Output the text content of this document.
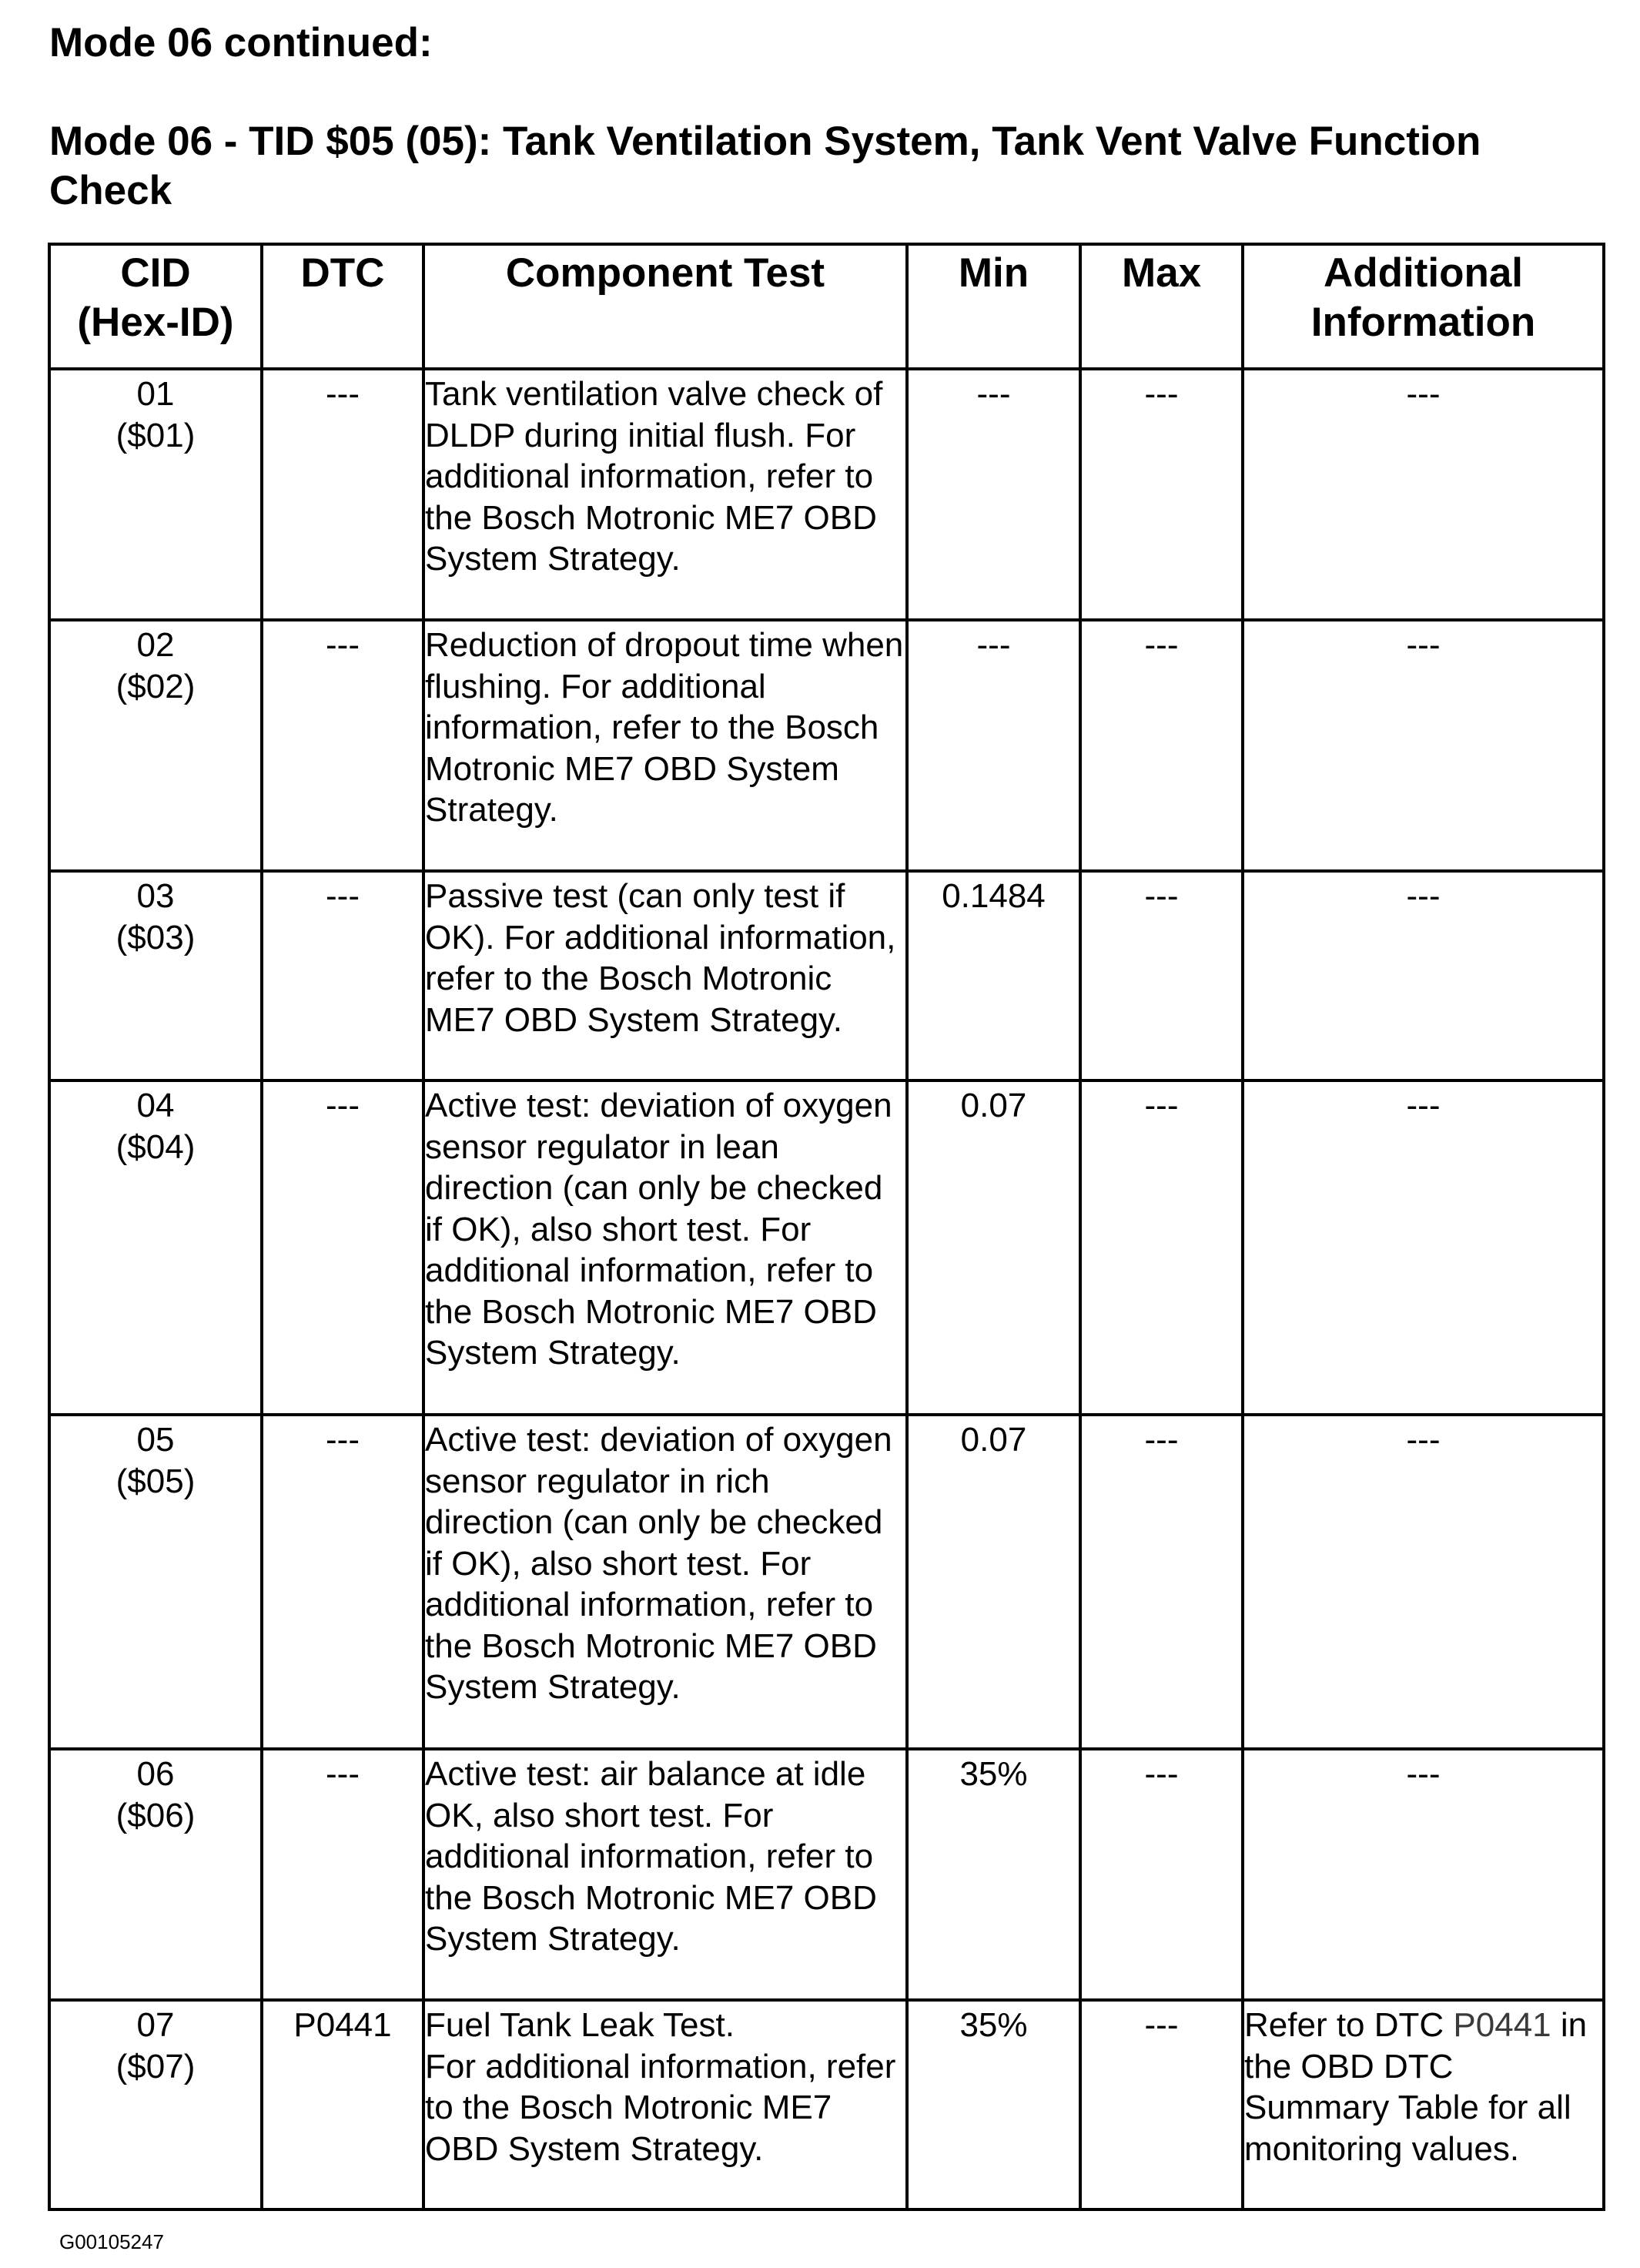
Mode 06 continued:
Mode 06 - TID $05 (05): Tank Ventilation System, Tank Vent Valve Function Check
CID
(Hex-ID)	DTC	Component Test	Min	Max	Additional
Information
01
($01)	---	Tank ventilation valve check of DLDP during initial flush. For additional information, refer to the Bosch Motronic ME7 OBD System Strategy.	---	---	---
02
($02)	---	Reduction of dropout time when flushing. For additional information, refer to the Bosch Motronic ME7 OBD System
Strategy.	---	---	---
03
($03)	---	Passive test (can only test if OK). For additional information, refer to the Bosch Motronic ME7 OBD System Strategy.	0.1484	---	---
04
($04)	---	Active test: deviation of oxygen sensor regulator in lean direction (can only be checked if OK), also short test. For additional information, refer to the Bosch Motronic ME7 OBD System Strategy.	0.07	---	---
05
($05)	---	Active test: deviation of oxygen sensor regulator in rich direction (can only be checked if OK), also short test. For additional information, refer to the Bosch Motronic ME7 OBD System Strategy.	0.07	---	---
06
($06)	---	Active test: air balance at idle OK, also short test. For additional information, refer to the Bosch Motronic ME7 OBD System Strategy.	35%	---	---
07
($07)	P0441	Fuel Tank Leak Test.
For additional information, refer to the Bosch Motronic ME7 OBD System Strategy.	35%	---	Refer to DTC P0441 in the OBD DTC Summary Table for all monitoring values.
G00105247
